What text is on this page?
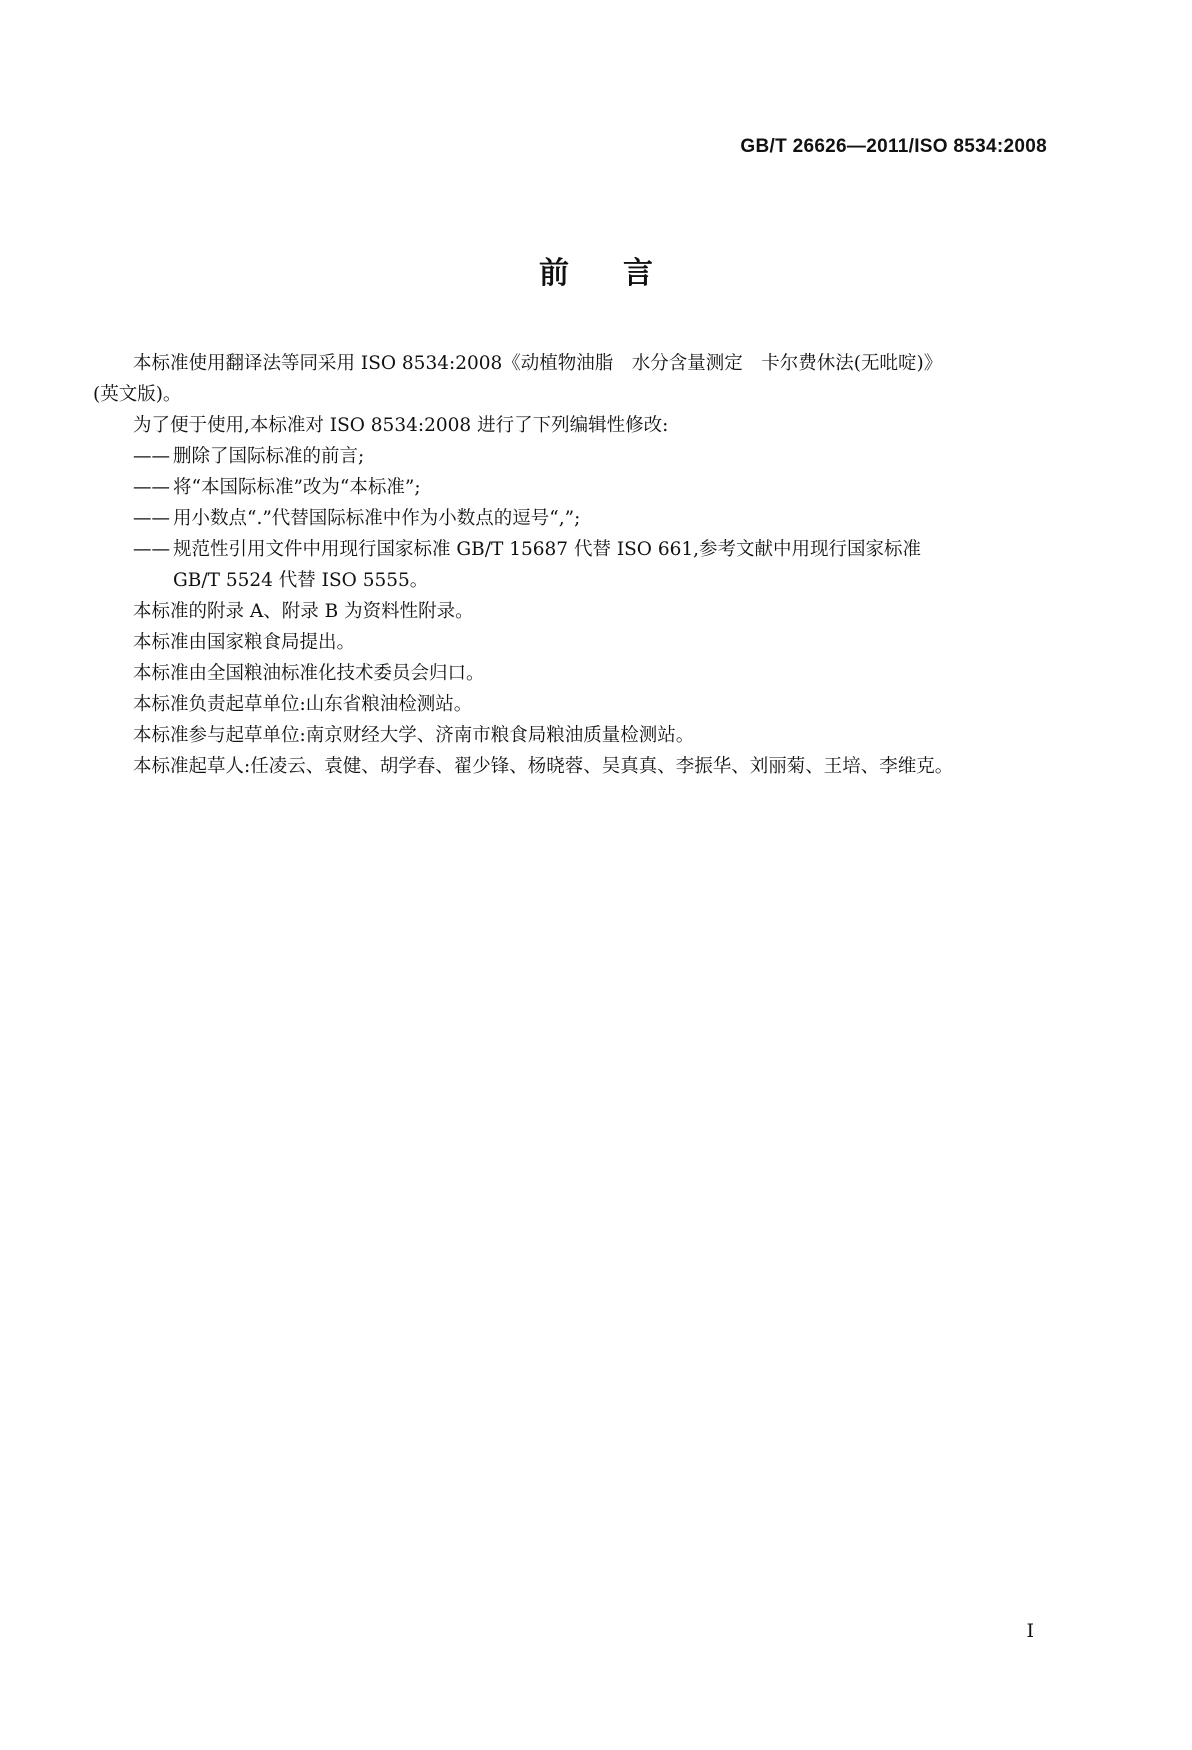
GB/T 26626—2011/ISO 8534:2008
前言

本标准使用翻译法等同采用 ISO 8534:2008《动植物油脂　水分含量测定　卡尔费休法(无吡啶)》
(英文版)。

为了便于使用,本标准对 ISO 8534:2008 进行了下列编辑性修改:

—— 删除了国际标准的前言;

—— 将“本国际标准”改为“本标准”;

—— 用小数点“.”代替国际标准中作为小数点的逗号“,”;

—— 规范性引用文件中用现行国家标准 GB/T 15687 代替 ISO 661,参考文献中用现行国家标准

GB/T 5524 代替 ISO 5555。

本标准的附录 A、附录 B 为资料性附录。

本标准由国家粮食局提出。

本标准由全国粮油标准化技术委员会归口。

本标准负责起草单位:山东省粮油检测站。

本标准参与起草单位:南京财经大学、济南市粮食局粮油质量检测站。

本标准起草人:任凌云、袁健、胡学春、翟少锋、杨晓蓉、吴真真、李振华、刘丽菊、王培、李维克。

I
